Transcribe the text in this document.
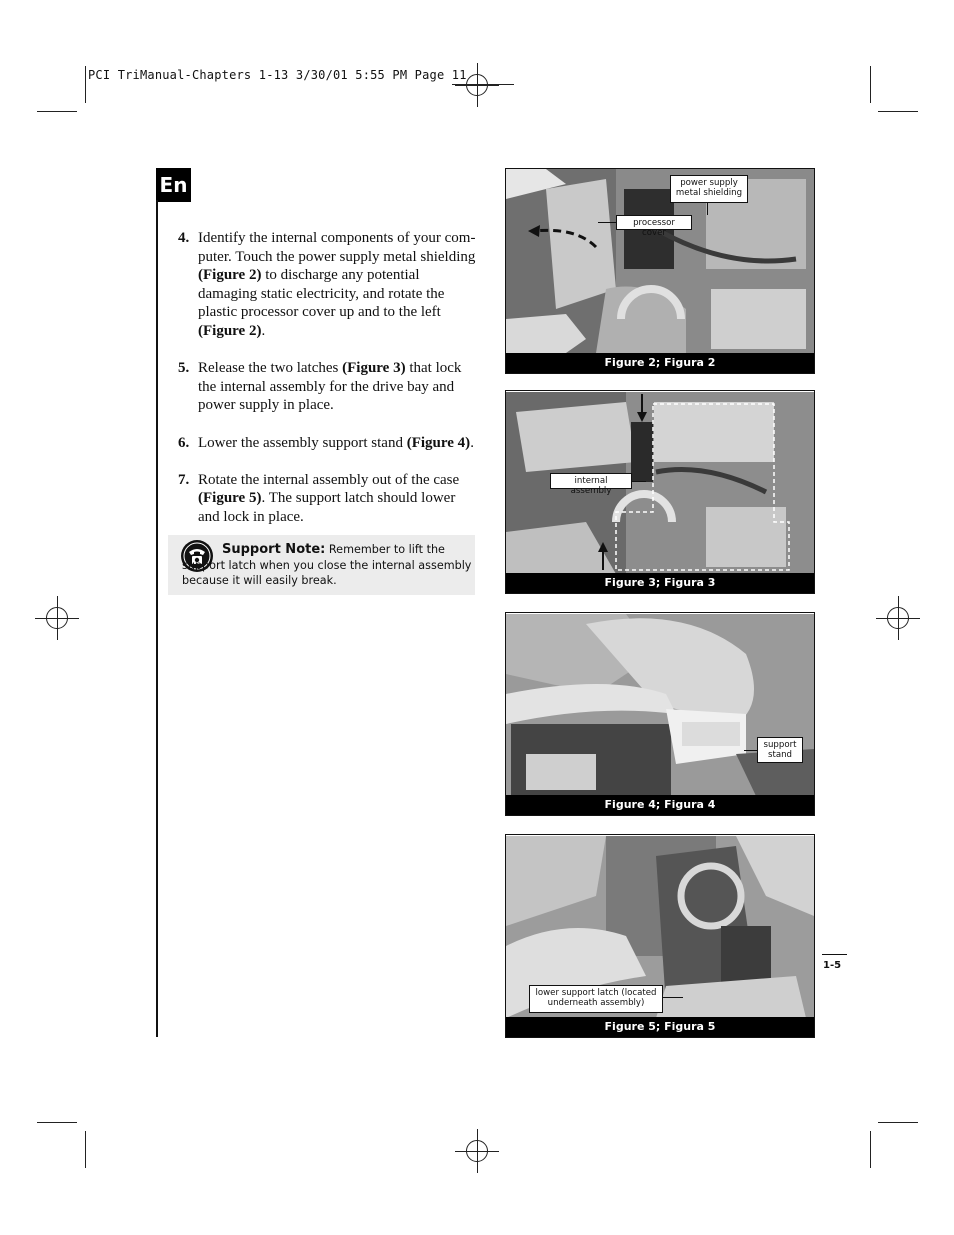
PCI TriManual-Chapters 1-13 3/30/01 5:55 PM Page 11
En
4. Identify the internal components of your computer. Touch the power supply metal shielding (Figure 2) to discharge any potential damaging static electricity, and rotate the plastic processor cover up and to the left (Figure 2).
5. Release the two latches (Figure 3) that lock the internal assembly for the drive bay and power supply in place.
6. Lower the assembly support stand (Figure 4).
7. Rotate the internal assembly out of the case (Figure 5). The support latch should lower and lock in place.
Support Note: Remember to lift the support latch when you close the internal assembly because it will easily break.
power supply metal shielding
processor cover
Figure 2; Figura 2
internal assembly
Figure 3; Figura 3
support stand
Figure 4; Figura 4
lower support latch (located underneath assembly)
Figure 5; Figura 5
1-5
